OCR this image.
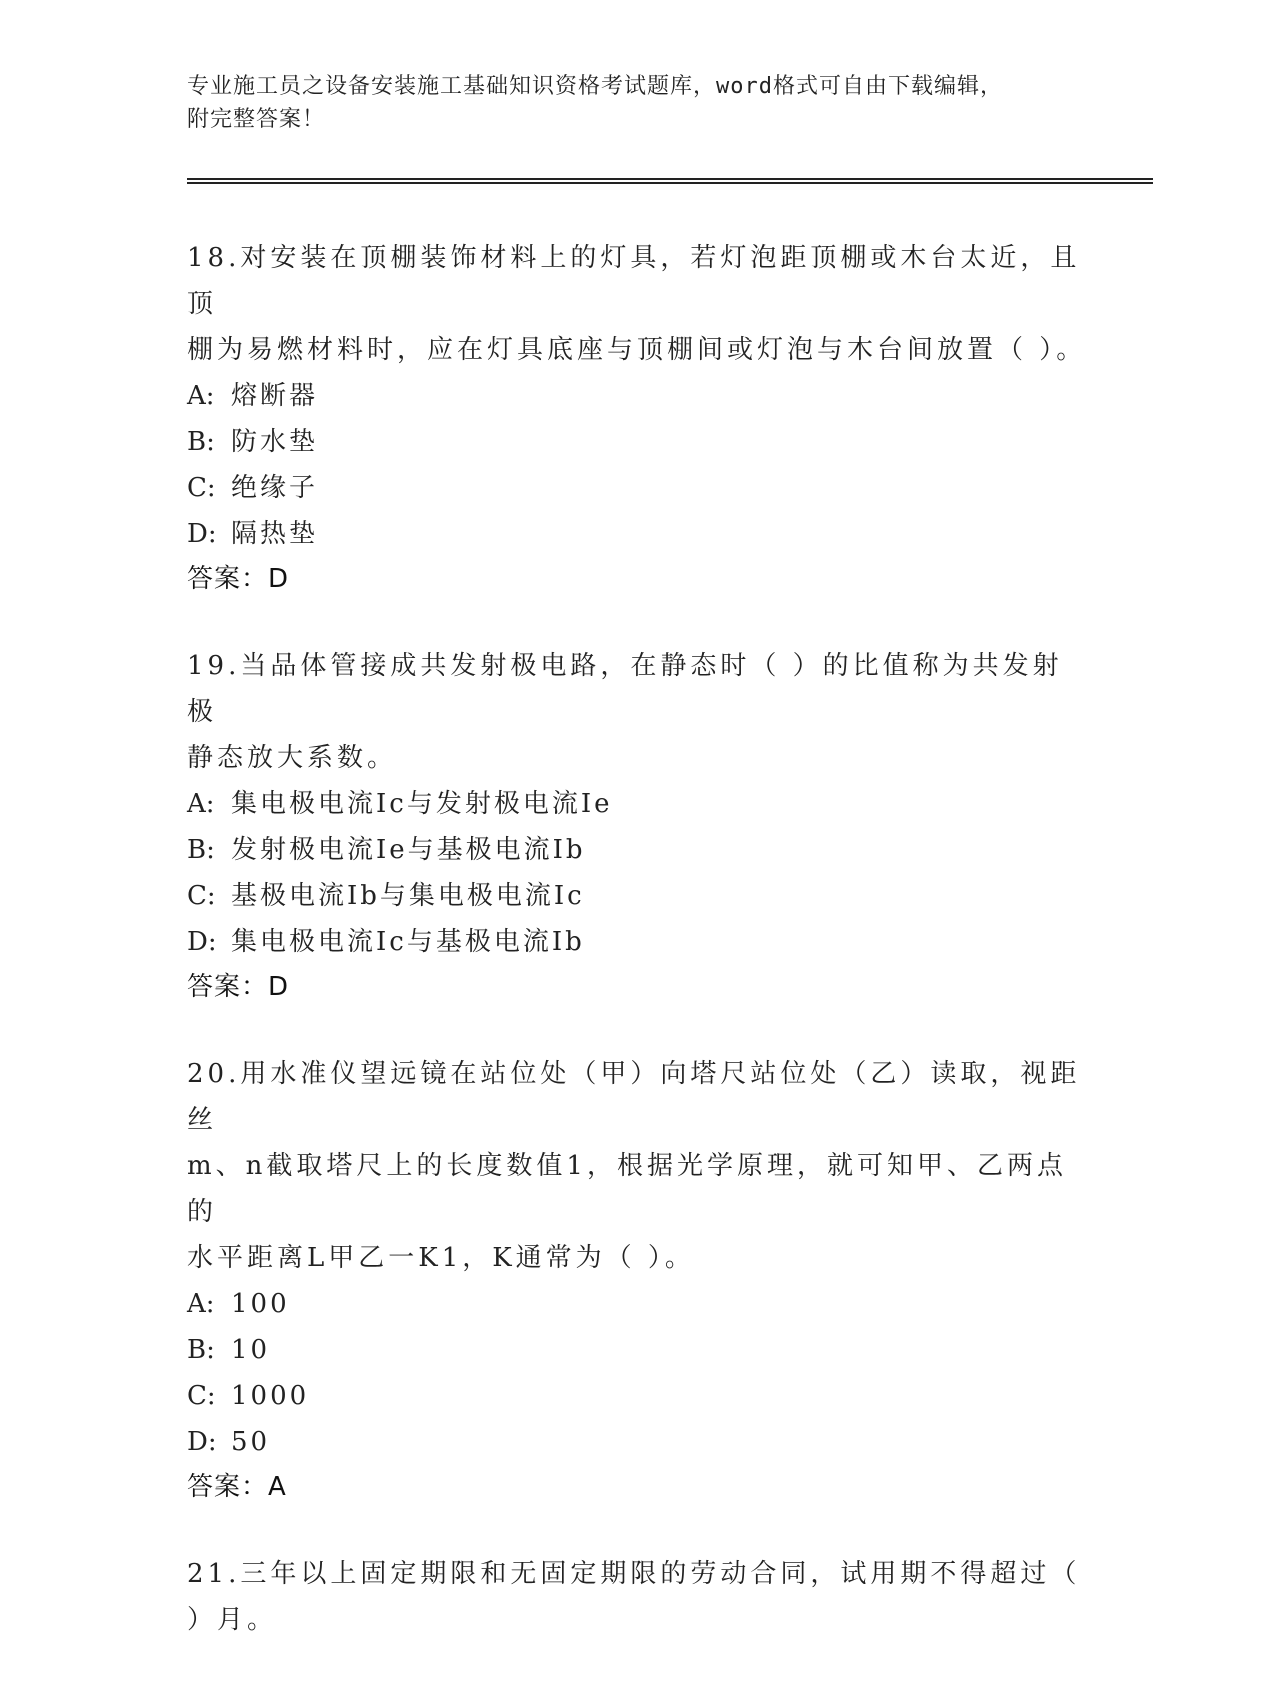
专业施工员之设备安装施工基础知识资格考试题库，word格式可自由下载编辑，
附完整答案！

18.对安装在顶棚装饰材料上的灯具，若灯泡距顶棚或木台太近，且顶

棚为易燃材料时，应在灯具底座与顶棚间或灯泡与木台间放置（ ）。

A: 熔断器
B: 防水垫
C: 绝缘子
D: 隔热垫
答案：D

19.当品体管接成共发射极电路，在静态时（ ）的比值称为共发射极

静态放大系数。

A: 集电极电流Ic与发射极电流Ie
B: 发射极电流Ie与基极电流Ib
C: 基极电流Ib与集电极电流Ic
D: 集电极电流Ic与基极电流Ib
答案：D

20.用水准仪望远镜在站位处（甲）向塔尺站位处（乙）读取，视距丝

m、n截取塔尺上的长度数值1，根据光学原理，就可知甲、乙两点的

水平距离L甲乙一K1，K通常为（ ）。

A: 100
B: 10
C: 1000
D: 50
答案：A

21.三年以上固定期限和无固定期限的劳动合同，试用期不得超过（

）月。
